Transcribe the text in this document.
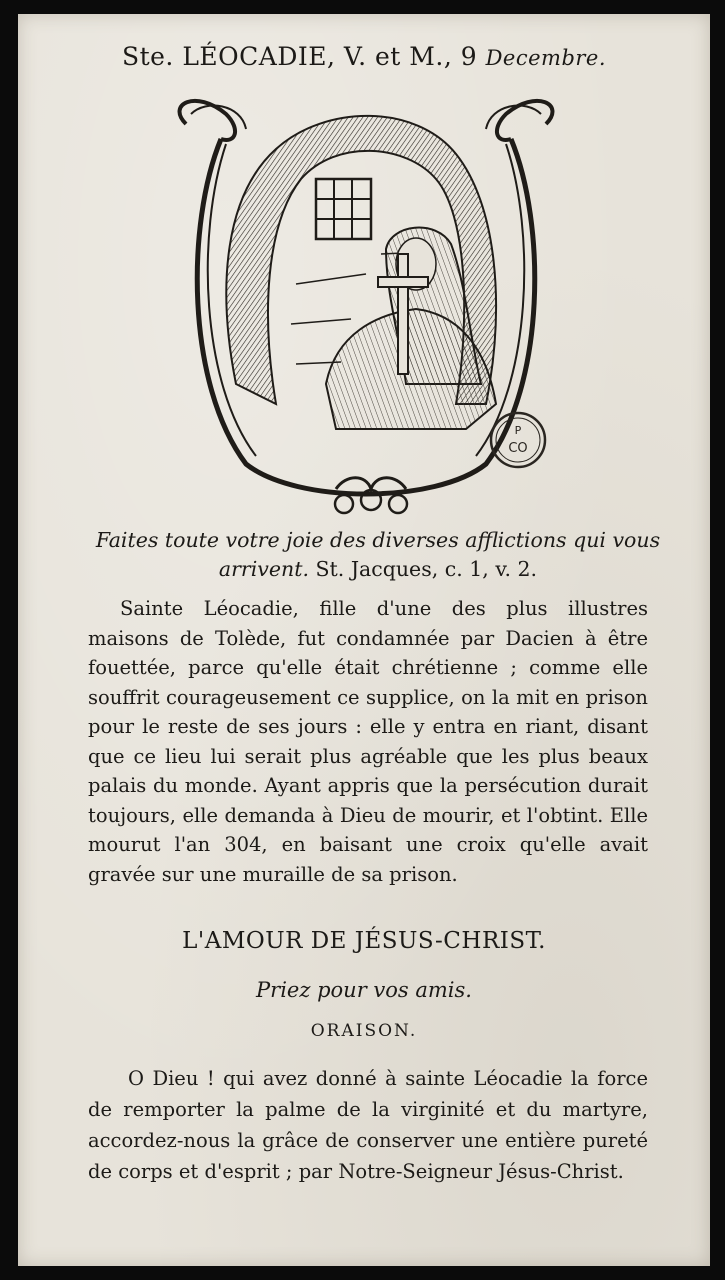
Ste. LÉOCADIE, V. et M., 9 Decembre.
P
CO
Faites toute votre joie des diverses afflictions qui vous arrivent. St. Jacques, c. 1, v. 2.

Sainte Léocadie, fille d'une des plus illustres maisons de Tolède, fut condamnée par Dacien à être fouettée, parce qu'elle était chrétienne ; comme elle souffrit courageusement ce supplice, on la mit en prison pour le reste de ses jours : elle y entra en riant, disant que ce lieu lui serait plus agréable que les plus beaux palais du monde. Ayant appris que la persécution durait toujours, elle demanda à Dieu de mourir, et l'obtint. Elle mourut l'an 304, en baisant une croix qu'elle avait gravée sur une muraille de sa prison.

L'AMOUR DE JÉSUS-CHRIST.
Priez pour vos amis.
ORAISON.

O Dieu ! qui avez donné à sainte Léocadie la force de remporter la palme de la virginité et du martyre, accordez-nous la grâce de conserver une entière pureté de corps et d'esprit ; par Notre-Seigneur Jésus-Christ.
